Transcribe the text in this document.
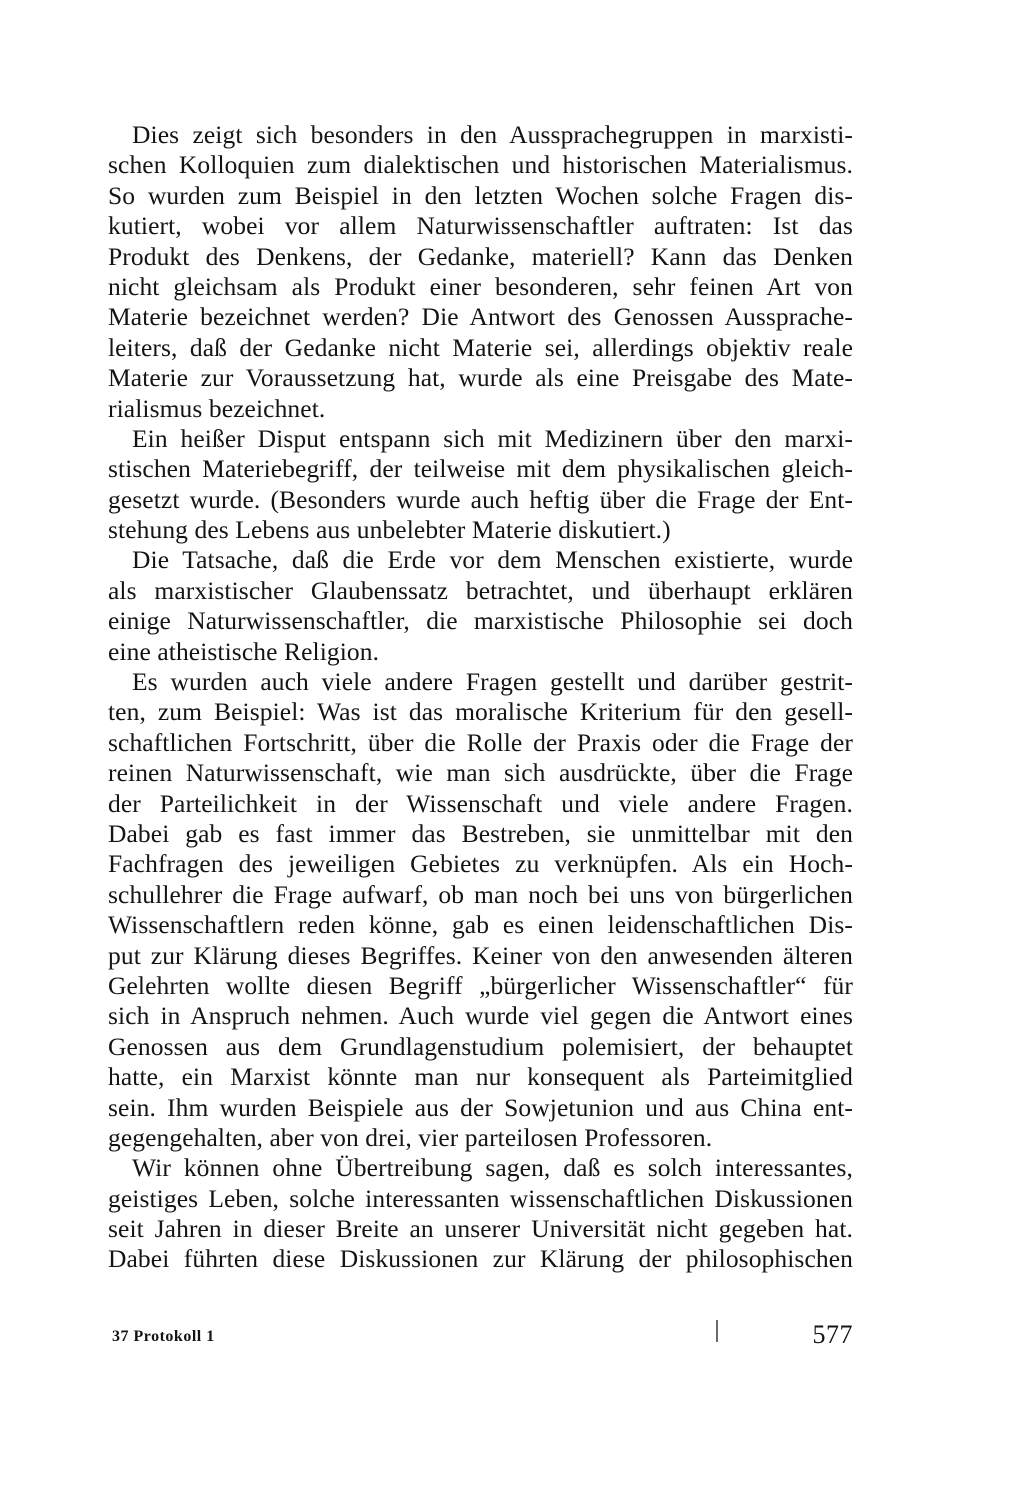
Dies zeigt sich besonders in den Aussprachegruppen in marxisti-
schen Kolloquien zum dialektischen und historischen Materialismus.
So wurden zum Beispiel in den letzten Wochen solche Fragen dis-
kutiert, wobei vor allem Naturwissenschaftler auftraten: Ist das
Produkt des Denkens, der Gedanke, materiell? Kann das Denken
nicht gleichsam als Produkt einer besonderen, sehr feinen Art von
Materie bezeichnet werden? Die Antwort des Genossen Aussprache-
leiters, daß der Gedanke nicht Materie sei, allerdings objektiv reale
Materie zur Voraussetzung hat, wurde als eine Preisgabe des Mate-
rialismus bezeichnet.
Ein heißer Disput entspann sich mit Medizinern über den marxi-
stischen Materiebegriff, der teilweise mit dem physikalischen gleich-
gesetzt wurde. (Besonders wurde auch heftig über die Frage der Ent-
stehung des Lebens aus unbelebter Materie diskutiert.)
Die Tatsache, daß die Erde vor dem Menschen existierte, wurde
als marxistischer Glaubenssatz betrachtet, und überhaupt erklären
einige Naturwissenschaftler, die marxistische Philosophie sei doch
eine atheistische Religion.
Es wurden auch viele andere Fragen gestellt und darüber gestrit-
ten, zum Beispiel: Was ist das moralische Kriterium für den gesell-
schaftlichen Fortschritt, über die Rolle der Praxis oder die Frage der
reinen Naturwissenschaft, wie man sich ausdrückte, über die Frage
der Parteilichkeit in der Wissenschaft und viele andere Fragen.
Dabei gab es fast immer das Bestreben, sie unmittelbar mit den
Fachfragen des jeweiligen Gebietes zu verknüpfen. Als ein Hoch-
schullehrer die Frage aufwarf, ob man noch bei uns von bürgerlichen
Wissenschaftlern reden könne, gab es einen leidenschaftlichen Dis-
put zur Klärung dieses Begriffes. Keiner von den anwesenden älteren
Gelehrten wollte diesen Begriff „bürgerlicher Wissenschaftler“ für
sich in Anspruch nehmen. Auch wurde viel gegen die Antwort eines
Genossen aus dem Grundlagenstudium polemisiert, der behauptet
hatte, ein Marxist könnte man nur konsequent als Parteimitglied
sein. Ihm wurden Beispiele aus der Sowjetunion und aus China ent-
gegengehalten, aber von drei, vier parteilosen Professoren.
Wir können ohne Übertreibung sagen, daß es solch interessantes,
geistiges Leben, solche interessanten wissenschaftlichen Diskussionen
seit Jahren in dieser Breite an unserer Universität nicht gegeben hat.
Dabei führten diese Diskussionen zur Klärung der philosophischen
37 Protokoll 1	577
